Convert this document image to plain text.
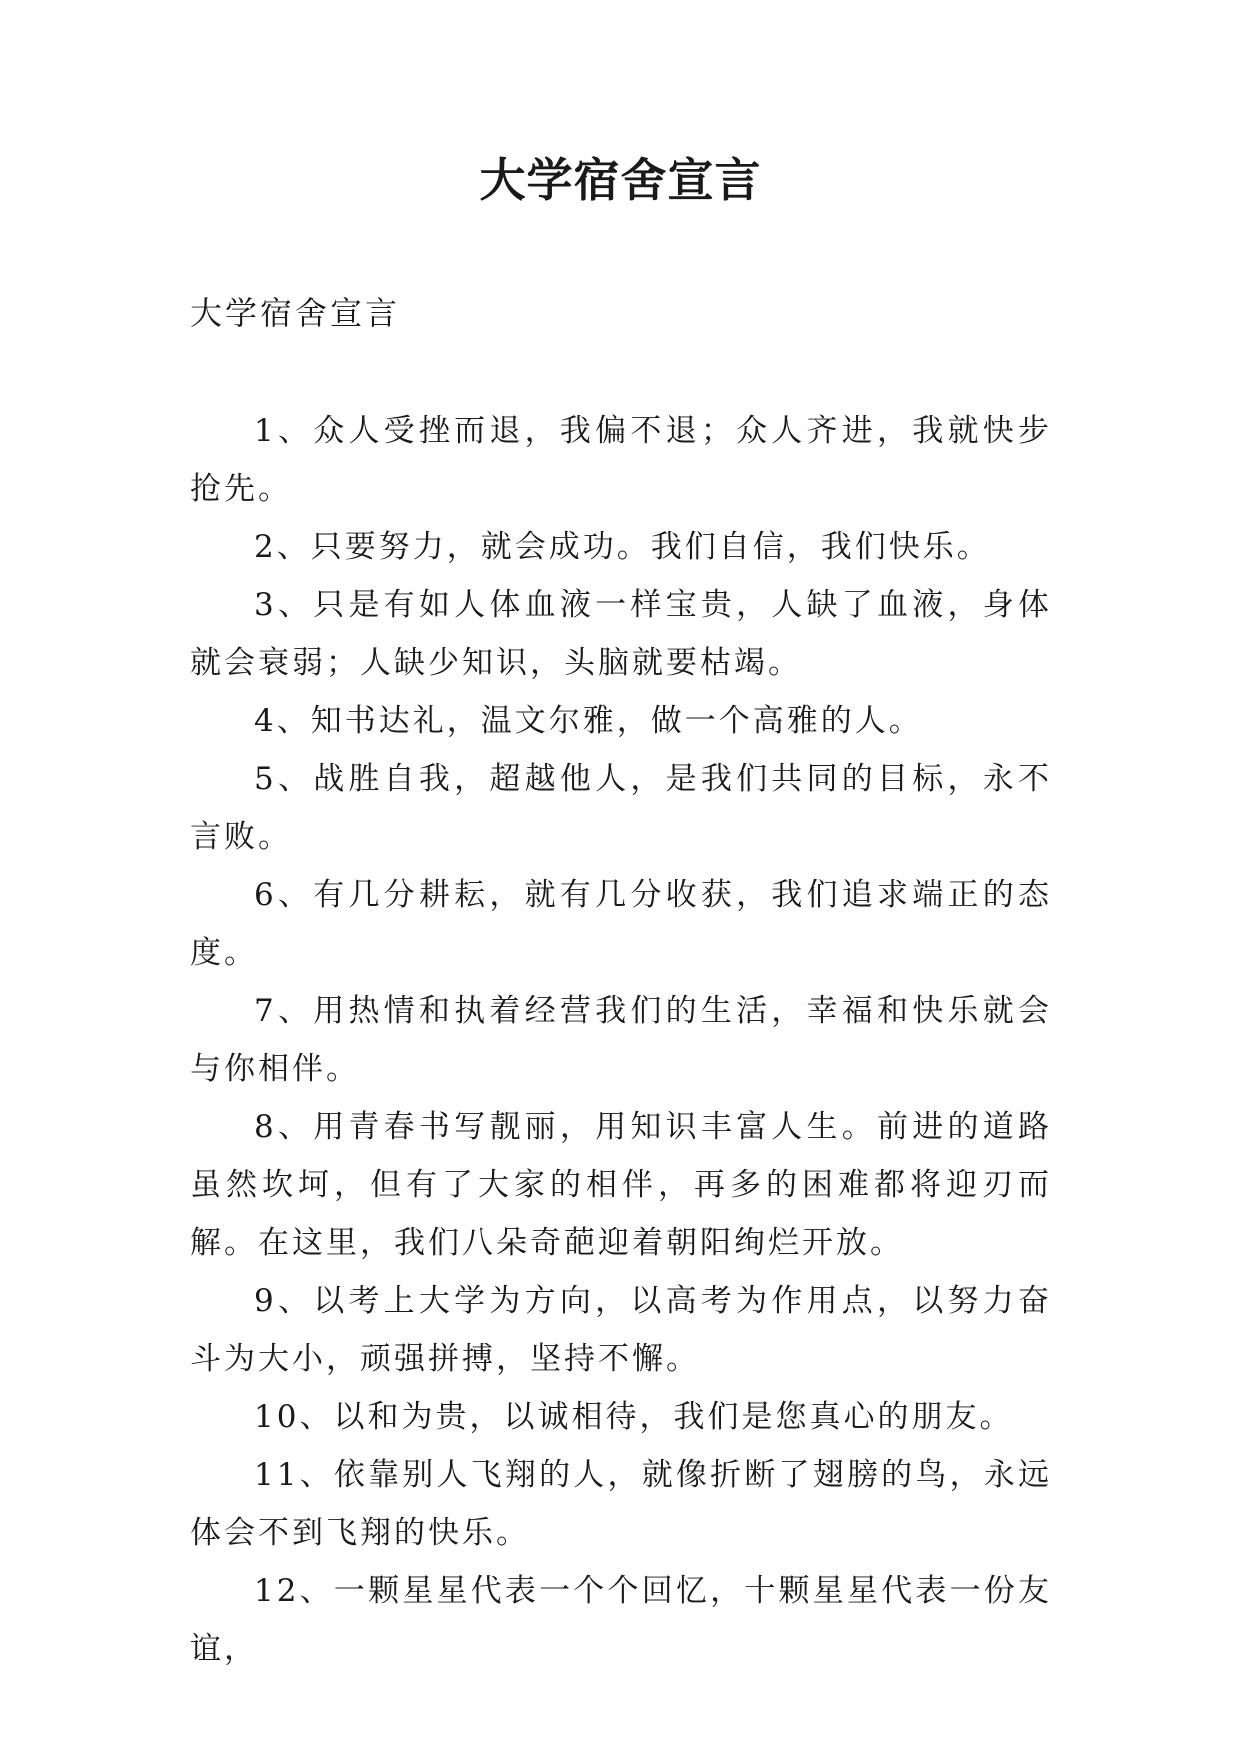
大学宿舍宣言
大学宿舍宣言

1、众人受挫而退，我偏不退；众人齐进，我就快步抢先。

2、只要努力，就会成功。我们自信，我们快乐。

3、只是有如人体血液一样宝贵，人缺了血液，身体就会衰弱；人缺少知识，头脑就要枯竭。

4、知书达礼，温文尔雅，做一个高雅的人。

5、战胜自我，超越他人，是我们共同的目标，永不言败。

6、有几分耕耘，就有几分收获，我们追求端正的态度。

7、用热情和执着经营我们的生活，幸福和快乐就会与你相伴。

8、用青春书写靓丽，用知识丰富人生。前进的道路虽然坎坷，但有了大家的相伴，再多的困难都将迎刃而解。在这里，我们八朵奇葩迎着朝阳绚烂开放。

9、以考上大学为方向，以高考为作用点，以努力奋斗为大小，顽强拼搏，坚持不懈。

10、以和为贵，以诚相待，我们是您真心的朋友。

11、依靠别人飞翔的人，就像折断了翅膀的鸟，永远体会不到飞翔的快乐。

12、一颗星星代表一个个回忆，十颗星星代表一份友谊，
